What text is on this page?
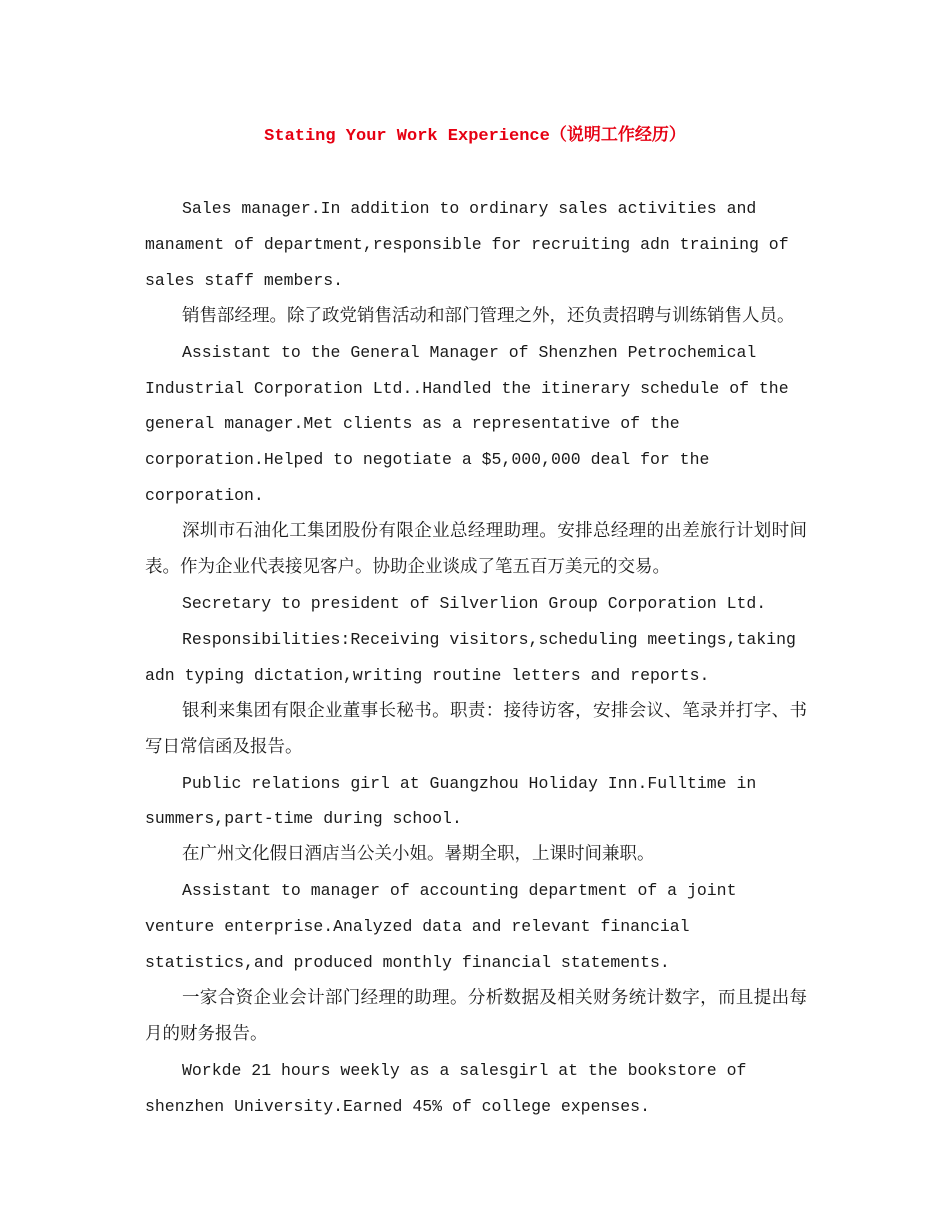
Stating Your Work Experience（说明工作经历）

Sales manager.In addition to ordinary sales activities and manament of department,responsible for recruiting adn training of sales staff members.

销售部经理。除了政党销售活动和部门管理之外，还负责招聘与训练销售人员。

Assistant to the General Manager of Shenzhen Petrochemical Industrial Corporation Ltd..Handled the itinerary schedule of the general manager.Met clients as a representative of the corporation.Helped to negotiate a $5,000,000 deal for the corporation.

深圳市石油化工集团股份有限企业总经理助理。安排总经理的出差旅行计划时间表。作为企业代表接见客户。协助企业谈成了笔五百万美元的交易。

Secretary to president of Silverlion Group Corporation Ltd.

Responsibilities:Receiving visitors,scheduling meetings,taking adn typing dictation,writing routine letters and reports.

银利来集团有限企业董事长秘书。职责：接待访客，安排会议、笔录并打字、书写日常信函及报告。

Public relations girl at Guangzhou Holiday Inn.Fulltime in summers,part-time during school.

在广州文化假日酒店当公关小姐。暑期全职，上课时间兼职。

Assistant to manager of accounting department of a joint venture enterprise.Analyzed data and relevant financial statistics,and produced monthly financial statements.

一家合资企业会计部门经理的助理。分析数据及相关财务统计数字，而且提出每月的财务报告。

Workde 21 hours weekly as a salesgirl at the bookstore of shenzhen University.Earned 45% of college expenses.
